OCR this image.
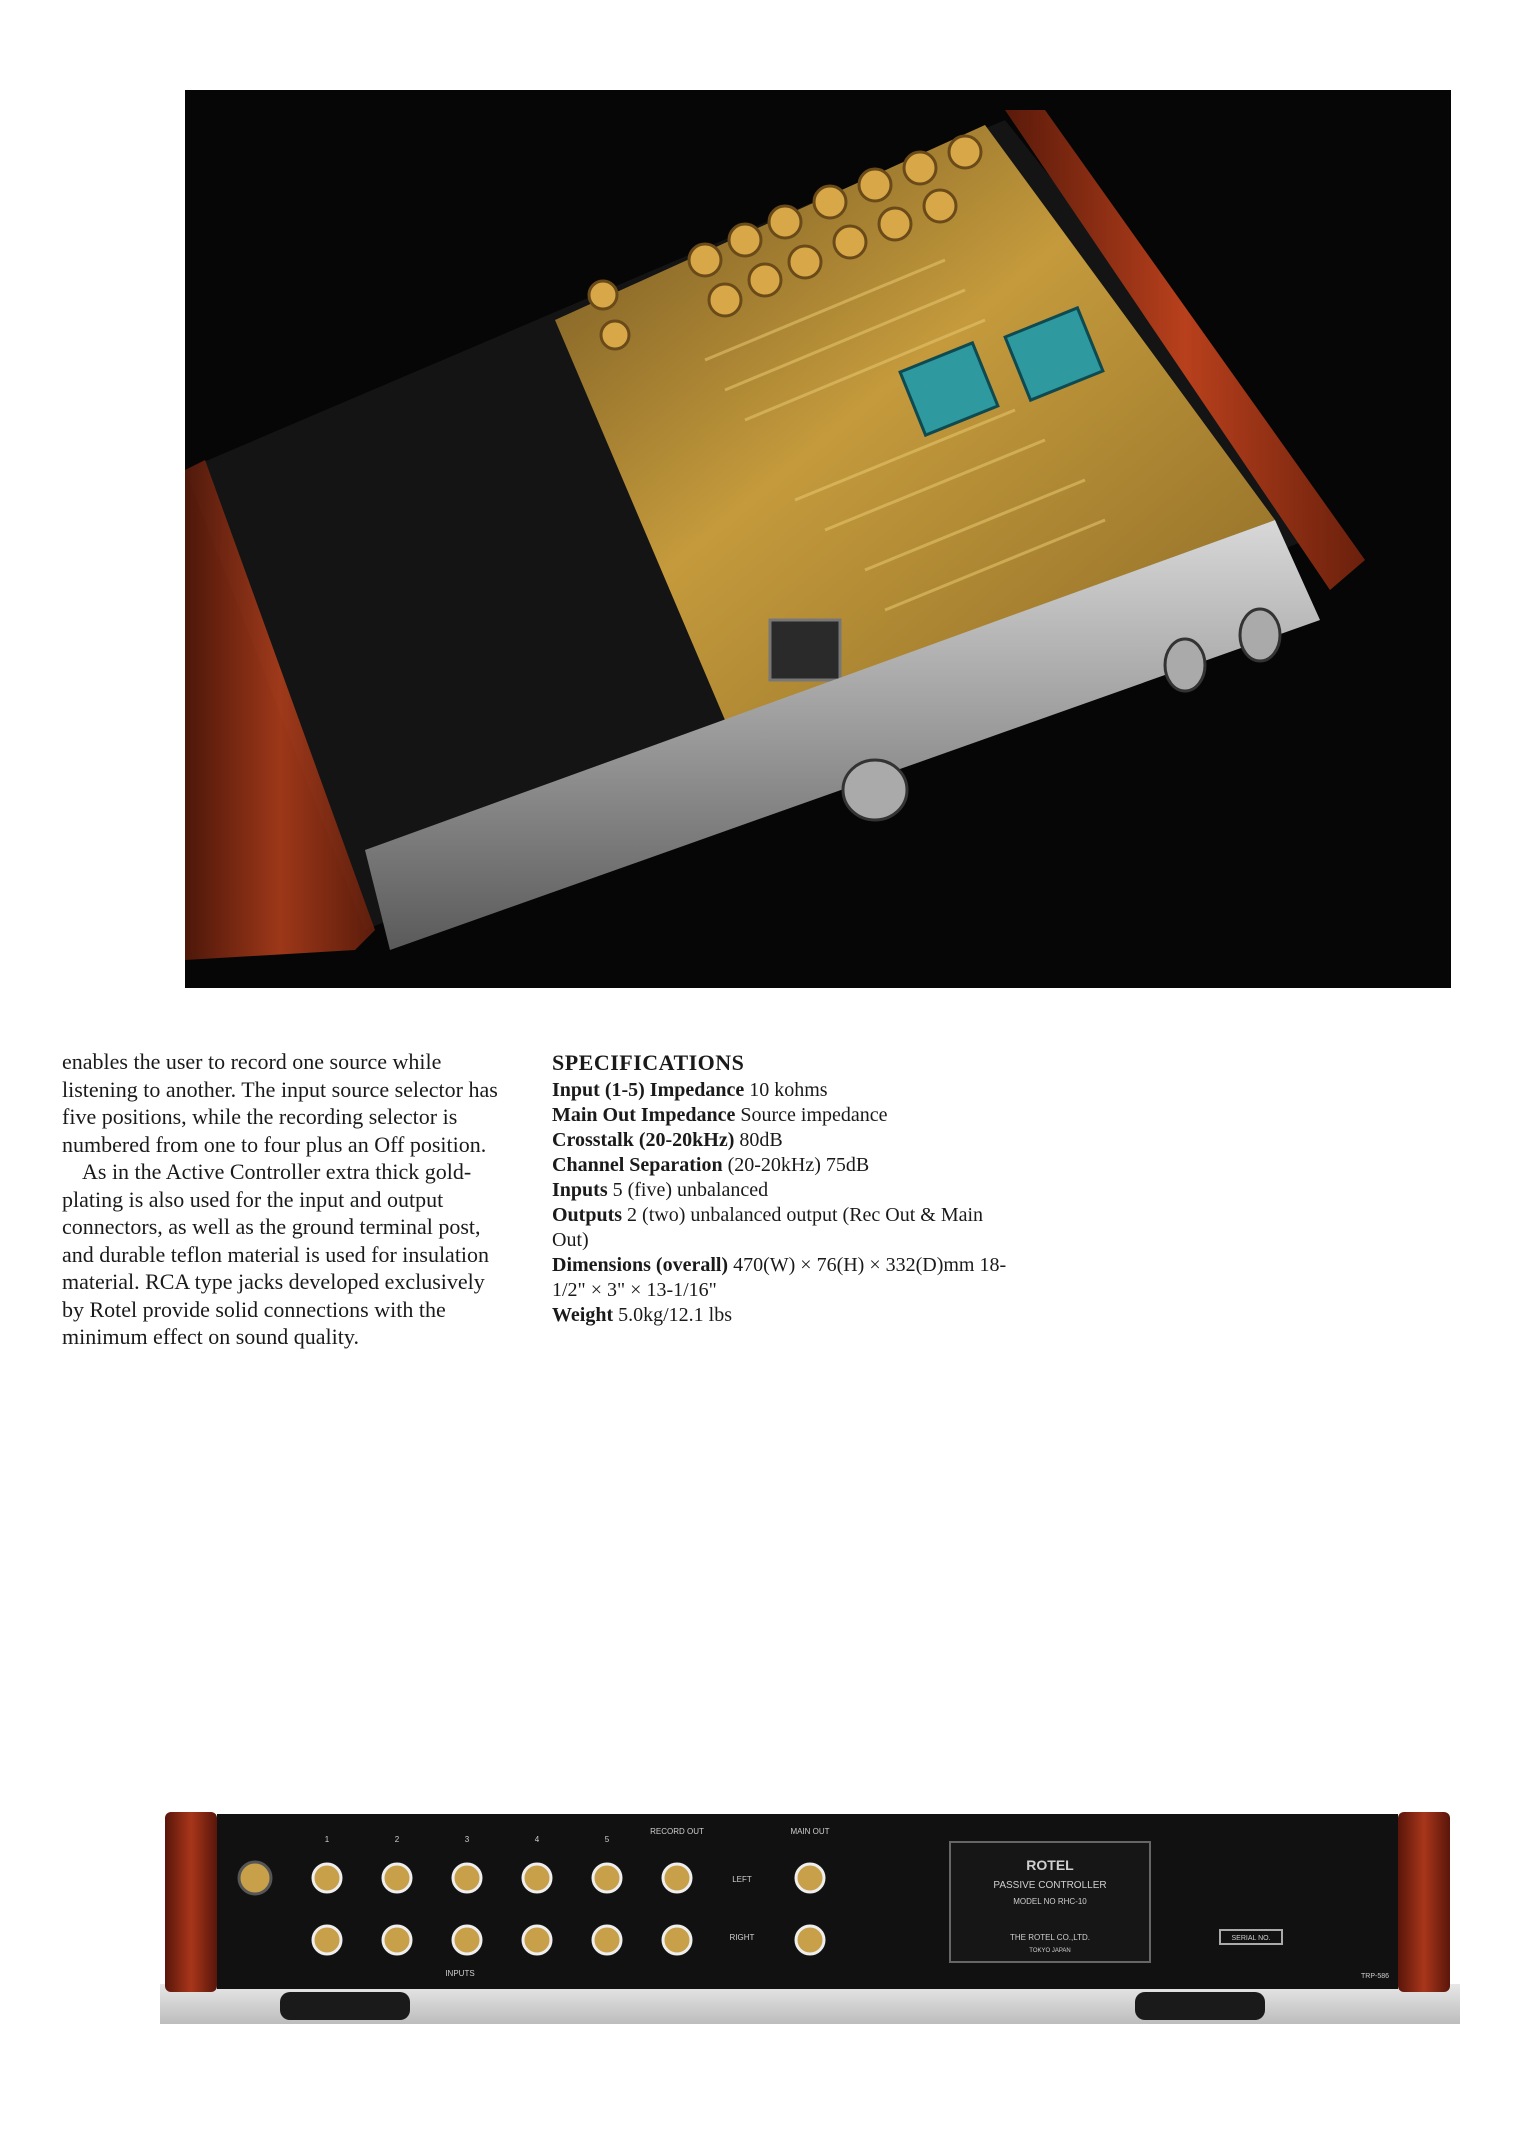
enables the user to record one source while listening to another. The input source selector has five positions, while the recording selector is numbered from one to four plus an Off position.

As in the Active Controller extra thick gold-plating is also used for the input and output connectors, as well as the ground terminal post, and durable teflon material is used for insulation material. RCA type jacks developed exclusively by Rotel provide solid connections with the minimum effect on sound quality.

SPECIFICATIONS

Input (1-5) Impedance 10 kohms

Main Out Impedance Source impedance

Crosstalk (20-20kHz) 80dB

Channel Separation (20-20kHz) 75dB

Inputs 5 (five) unbalanced

Outputs 2 (two) unbalanced output (Rec Out & Main Out)

Dimensions (overall) 470(W) × 76(H) × 332(D)mm 18-1/2" × 3" × 13-1/16"

Weight 5.0kg/12.1 lbs

1	2	3	4	5
RECORD OUT	MAIN OUT
LEFT
RIGHT
INPUTS
ROTEL
PASSIVE CONTROLLER
MODEL NO RHC-10
THE ROTEL CO.,LTD.
TOKYO JAPAN
SERIAL NO.
TRP-586
